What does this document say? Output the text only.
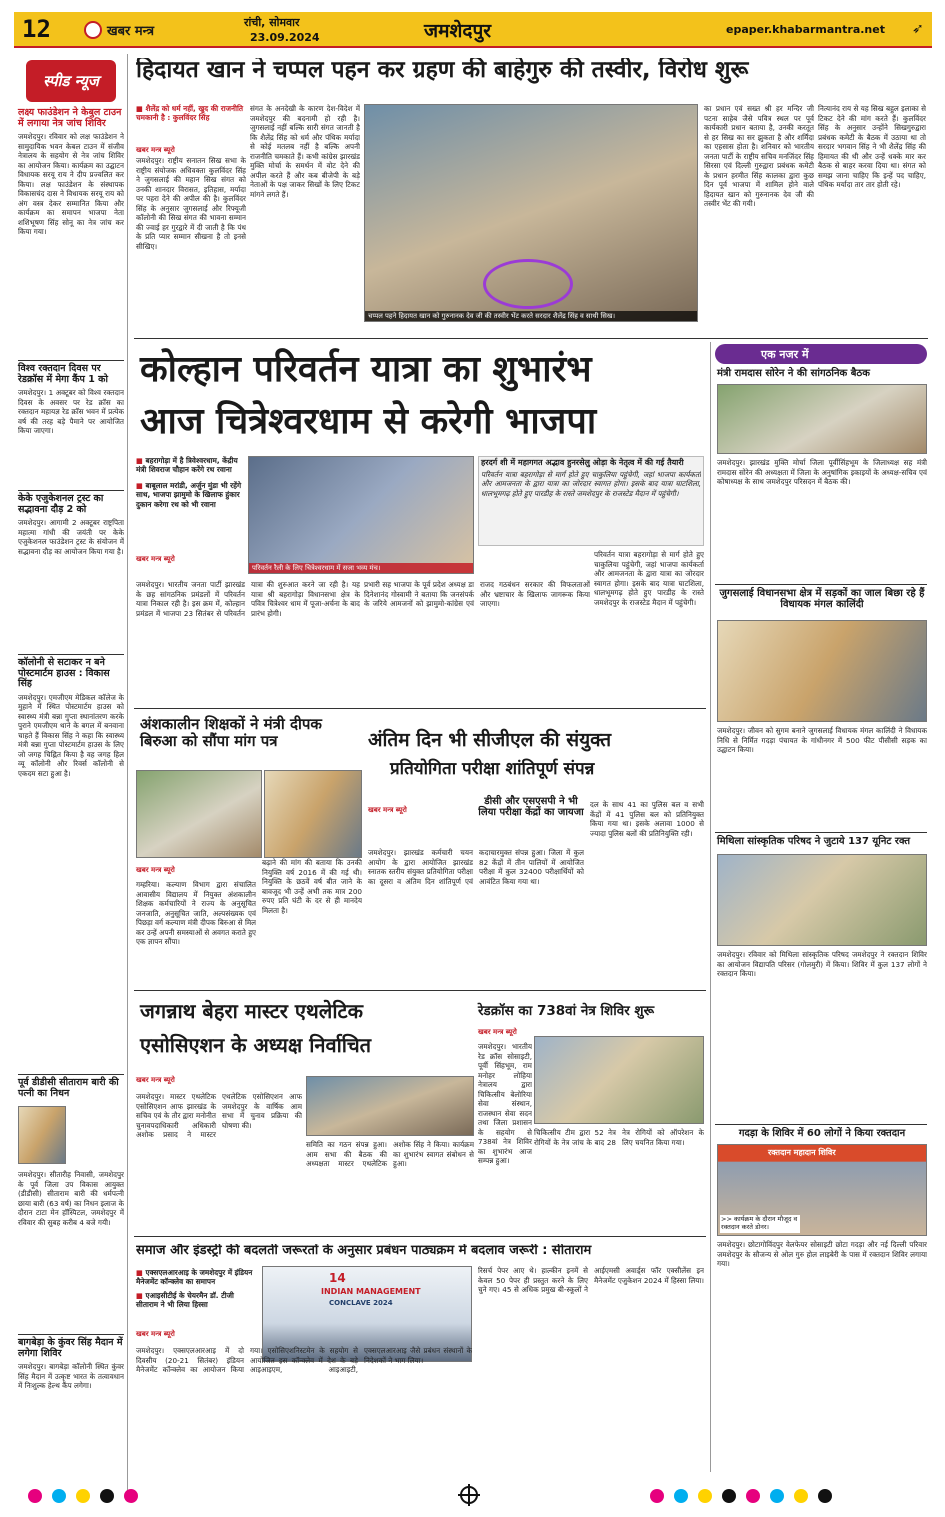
12	खबर मन्त्र
रांची, सोमवार
23.09.2024	जमशेदपुर	epaper.khabarmantra.net ➶
स्पीड न्यूज
लक्ष्य फाउंडेशन ने केबुल टाउन में लगाया नेत्र जांच शिविर
जमशेदपुर। रविवार को लक्ष फाउंडेशन ने सामुदायिक भवन केबल टाउन में संजीव नेत्रालय के सहयोग से नेत्र जांच शिविर का आयोजन किया। कार्यक्रम का उद्घाटन विधायक सरयू राय ने दीप प्रज्वलित कर किया। लक्ष फाउंडेशन के संस्थापक विकासचंद दास ने विधायक सरयू राय को अंग वस्त्र देकर सम्मानित किया और कार्यक्रम का समापन भाजपा नेता शशिभूषण सिंह सोनू का नेत्र जांच कर किया गया।
विश्व रक्तदान दिवस पर रेडक्रॉस में मेगा कैंप 1 को
जमशेदपुर। 1 अक्टूबर को विश्व रक्तदान दिवस के अवसर पर रेड क्रॉस का रक्तदान महायज्ञ रेड क्रॉस भवन में प्रत्येक वर्ष की तरह बड़े पैमाने पर आयोजित किया जाएगा।
केके एजुकेशनल ट्रस्ट का सद्भावना दौड़ 2 को
जमशेदपुर। आगामी 2 अक्टूबर राष्ट्रपिता महात्मा गांधी की जयंती पर केके एजुकेशनल फाउंडेशन ट्रस्ट के संयोजन में सद्भावना दौड़ का आयोजन किया गया है।
कॉलोनी से सटाकर न बने पोस्टमार्टम हाउस : विकास सिंह
जमशेदपुर। एमजीएम मेडिकल कॉलेज के मुहाने में स्थित पोस्टमार्टम हाउस को स्वास्थ्य मंत्री बन्ना गुप्ता स्थानांतरण करके पुराने एमजीएम थाने के बगल में बनवाना चाहते हैं विकास सिंह ने कहा कि स्वास्थ्य मंत्री बन्ना गुप्ता पोस्टमार्टम हाउस के लिए जो जगह चिह्नित किया है वह जगह हिल व्यू कॉलोनी और रिवर्स कॉलोनी से एकदम सटा हुआ है।
पूर्व डीडीसी सीताराम बारी की पत्नी का निधन
जमशेदपुर। सीतारीह निवासी, जमशेदपुर के पूर्व जिला उप विकास आयुक्त (डीडीसी) सीताराम बारी की धर्मपत्नी छाया बारी (63 वर्ष) का निधन इलाज के दौरान टाटा मेन हॉस्पिटल, जमशेदपुर में रविवार की सुबह करीब 4 बजे गयी।
बागबेड़ा के कुंवर सिंह मैदान में लगेगा शिविर
जमशेदपुर। बागबेड़ा कॉलोनी स्थित कुंवर सिंह मैदान में उत्कृष्ट भारत के तत्वावधान में निःशुल्क हेल्थ कैंप लगेगा।
हिदायत खान ने चप्पल पहन कर ग्रहण की बाहेगुरु की तस्वीर, विरोध शुरू
■ शैलेंद्र को धर्म नहीं, खुद की राजनीति चमकानी है : कुलविंदर सिंह
खबर मन्त्र ब्यूरो
जमशेदपुर। राष्ट्रीय सनातन सिख सभा के राष्ट्रीय संयोजक अधिवक्ता कुलविंदर सिंह ने जुगसलाई की महान सिख संगत को उनकी शानदार विरासत, इतिहास, मर्यादा पर पहरा देने की अपील की है। कुलविंदर सिंह के अनुसार जुगसलाई और रिफ्यूजी कॉलोनी की सिख संगत की भावना सम्मान की ज्वाई हर गुरद्वारे में दी जाती है कि पंथ के प्रति प्यार सम्मान सीखना है तो इनसे सीखिए।
संगत के अनदेखी के कारण देश-विदेश में जमशेदपुर की बदनामी हो रही है। जुगसलाई नहीं बल्कि सारी संगत जानती है कि शैलेंद्र सिंह को धर्म और पंथिक मर्यादा से कोई मतलब नहीं है बल्कि अपनी राजनीति चमकाते हैं। कभी कांग्रेस झारखंड मुक्ति मोर्चा के समर्थन में वोट देने की अपील करते हैं और कब बीजेपी के बड़े नेताओं के पक्ष जाकर सिखों के लिए टिकट मांगने लगते हैं।
चप्पल पहने हिदायत खान को गुरुनानक देव जी की तस्वीर भेंट करते सरदार शैलेंद्र सिंह व साथी सिख।
का प्रधान एवं सख्त श्री हर मन्दिर जी पटना साहेब जैसे पवित्र स्थल पर पूर्व कार्यकारी प्रधान बताया है, उनकी करतूत से हर सिख का सर झुकता है और शर्मिंदा का एहसास होता है। शनिवार को भारतीय जनता पार्टी के राष्ट्रीय सचिव मनजिंदर सिंह सिरसा एवं दिल्ली गुरुद्वारा प्रबंधक कमेटी के प्रधान हरमीत सिंह कालका द्वारा कुछ दिन पूर्व भाजपा में शामिल होने वाले हिदायत खान को गुरुनानक देव जी की तस्वीर भेंट की गयी।
नित्यानंद राय से यह सिख बहुल इलाका से टिकट देने की मांग करते हैं। कुलविंदर सिंह के अनुसार उन्होंने सिखगुरुद्वारा प्रबंधक कमेटी के बैठक में उठाया था तो सरदार भगवान सिंह ने भी शैलेंद्र सिंह की हिमायत की थी और उन्हें धक्के मार कर बैठक से बाहर करवा दिया था। संगत को समझ जाना चाहिए कि इन्हें पद चाहिए, पंथिक मर्यादा तार तार होती रहे।
कोल्हान परिवर्तन यात्रा का शुभारंभ
आज चित्रेश्वरधाम से करेगी भाजपा
■ बहरागोड़ा में है त्रिवेश्वरधाम, केंद्रीय मंत्री शिवराज चौहान करेंगे रथ रवाना
■ बाबूलाल मरांडी, अर्जुन मुंडा भी रहेंगे साथ, भाजपा झामुमो के खिलाफ हुंकार दुकान करेगा रथ को भी रवाना
परिवर्तन रैली के लिए चित्रेश्वरधाम में सजा भव्य मंच।
हरदर्ग शी में महागगत अद्भाव हुनरसेलु ओड़ा के नेतृत्व में की गई तैयारी
परिवर्तन यात्रा बहरागोड़ा से मार्ग होते हुए चाकुलिया पहुंचेगी, जहां भाजपा कार्यकर्ता और आमजनता के द्वारा यात्रा का जोरदार स्वागत होगा। इसके बाद यात्रा घाटशिला, धालभूमगढ़ होते हुए पारडीह के रास्ते जमशेदपुर के राजस्टेड मैदान में पहुंचेगी।
खबर मन्त्र ब्यूरो
जमशेदपुर। भारतीय जनता पार्टी झारखंड के छह सांगठनिक प्रमंडलों में परिवर्तन यात्रा निकाल रही है। इस क्रम में, कोल्हान प्रमंडल में भाजपा 23 सितंबर से परिवर्तन यात्रा की शुरुआत करने जा रही है। यह यात्रा श्री बहरागोड़ा विधानसभा क्षेत्र के पवित्र चित्रेश्वर धाम में पूजा-अर्चना के बाद प्रारंभ होगी।
प्रभारी सह भाजपा के पूर्व प्रदेश अध्यक्ष डा दिनेशानंद गोस्वामी ने बताया कि जनसंपर्क के जरिये आमजनों को झामुमो-कांग्रेस एवं राजद गठबंधन सरकार की विफलताओं और भ्रष्टाचार के खिलाफ जागरूक किया जाएगा।
परिवर्तन यात्रा बहरागोड़ा से मार्ग होते हुए चाकुलिया पहुंचेगी, जहां भाजपा कार्यकर्ता और आमजनता के द्वारा यात्रा का जोरदार स्वागत होगा। इसके बाद यात्रा घाटशिला, धालभूमगढ़ होते हुए पारडीह के रास्ते जमशेदपुर के राजस्टेड मैदान में पहुंचेगी।
अंशकालीन शिक्षकों ने मंत्री दीपक बिरुआ को सौंपा मांग पत्र
खबर मन्त्र ब्यूरो
गम्हरिया। कल्याण विभाग द्वारा संचालित आवासीय विद्यालय में नियुक्त अंशकालीन शिक्षक कर्मचारियों ने राज्य के अनुसूचित जनजाति, अनुसूचित जाति, अल्पसंख्यक एवं पिछड़ा वर्ग कल्याण मंत्री दीपक बिरुआ से मिल कर उन्हें अपनी समस्याओं से अवगत कराते हुए एक ज्ञापन सौंपा।
बढ़ाने की मांग की बताया कि उनकी नियुक्ति वर्ष 2016 में की गई थी। नियुक्ति के छठवें वर्ष बीत जाने के बावजूद भी उन्हें अभी तक मात्र 200 रुपए प्रति घंटी के दर से ही मानदेय मिलता है।
अंतिम दिन भी सीजीएल की संयुक्त
प्रतियोगिता परीक्षा शांतिपूर्ण संपन्न
खबर मन्त्र ब्यूरो
डीसी और एसएसपी ने भी लिया परीक्षा केंद्रों का जायजा
जमशेदपुर। झारखंड कर्मचारी चयन आयोग के द्वारा आयोजित झारखंड स्नातक स्तरीय संयुक्त प्रतियोगिता परीक्षा का दूसरा व अंतिम दिन शांतिपूर्ण एवं कदाचारमुक्त संपन्न हुआ। जिला में कुल 82 केंद्रों में तीन पालियों में आयोजित परीक्षा में कुल 32400 परीक्षार्थियों को आवंटित किया गया था।
दल के साथ 41 का पुलिस बल व सभी केंद्रों में 41 पुलिस बल को प्रतिनियुक्त किया गया था। इसके अलावा 1000 से ज्यादा पुलिस बलों की प्रतिनियुक्ति रही।
जगन्नाथ बेहरा मास्टर एथलेटिक
एसोसिएशन के अध्यक्ष निर्वाचित
खबर मन्त्र ब्यूरो
जमशेदपुर। मास्टर एथलेटिक एसोसिएशन आफ झारखंड के सचिव एवं के तौर द्वारा मनोनीत चुनावपदाधिकारी अधिकारी अशोक प्रसाद ने मास्टर एथलेटिक एसोसिएशन आफ जमशेदपुर के वार्षिक आम सभा में चुनाव प्रक्रिया की घोषणा की।
समिति का गठन संपन्न हुआ। आम सभा की बैठक की अध्यक्षता मास्टर एथलेटिक अशोक सिंह ने किया। कार्यक्रम का शुभारंभ स्वागत संबोधन से हुआ।
रेडक्रॉस का 738वां नेत्र शिविर शुरू
खबर मन्त्र ब्यूरो
जमशेदपुर। भारतीय रेड क्रॉस सोसाइटी, पूर्वी सिंहभूम, राम मनोहर लोहिया नेत्रालय द्वारा चिकित्सीय बेलोरिया सेवा संस्थान, राजस्थान सेवा सदन तथा जिला प्रशासन के सहयोग से 738वां नेत्र शिविर का शुभारंभ आज सम्पन्न हुआ।
चिकित्सीय टीम द्वारा 52 नेत्र रोगियों के नेत्र जांच के बाद 28 नेत्र रोगियों को ऑपरेशन के लिए चयनित किया गया।
समाज और इंडस्ट्री की बदलती जरूरतों के अनुसार प्रबंधन पाठ्यक्रम में बदलाव जरूरी : सीताराम
■ एक्सएलआरआइ के जमशेदपुर में इंडियन मैनेजमेंट कॉन्क्लेव का समापन
■ एआइसीटीई के चेयरमैन डॉ. टीजी सीताराम ने भी लिया हिस्सा
14
INDIAN MANAGEMENT
CONCLAVE 2024
खबर मन्त्र ब्यूरो
जमशेदपुर। एक्सएलआरआइ में दो दिवसीय (20-21 सितंबर) इंडियन मैनेजमेंट कॉन्क्लेव का आयोजन किया गया। एसोसिएशनिस्टमेन के सहयोग से आयोजित इस कॉन्क्लेव में देश के बड़े आइआइएम, आइआइटी, एक्सएलआरआइ जैसे प्रबंधन संस्थानों के निदेशकों ने भाग लिया।
रिसर्च पेपर आए थे। हाल्कीन इनमें से केवल 50 पेपर ही प्रस्तुत करने के लिए चुने गए। 45 से अधिक प्रमुख बी-स्कूलों ने आईएमसी अवार्ड्स फॉर एक्सीलेंस इन मैनेजमेंट एजुकेशन 2024 में हिस्सा लिया।
एक नजर में
मंत्री रामदास सोरेन ने की सांगठनिक बैठक
जमशेदपुर। झारखंड मुक्ति मोर्चा जिला पूर्वीसिंहभूम के जिलाध्यक्ष सह मंत्री रामदास सोरेन की अध्यक्षता में जिला के अनुषांगिक इकाइयों के अध्यक्ष-सचिव एवं कोषाध्यक्ष के साथ जमशेदपुर परिसदन में बैठक की।
जुगसलाई विधानसभा क्षेत्र में सड़कों का जाल बिछा रहे हैं विधायक मंगल कालिंदी
जमशेदपुर। जीवन को सुगम बनाने जुगसलाई विधायक मंगल कालिंदी ने विधायक निधि से निर्मित गदड़ा पंचायत के गांधीनगर में 500 फीट पीसीसी सड़क का उद्घाटन किया।
मिथिला सांस्कृतिक परिषद ने जुटाये 137 यूनिट रक्त
जमशेदपुर। रविवार को मिथिला सांस्कृतिक परिषद जमशेदपुर ने रक्तदान शिविर का आयोजन विद्यापति परिसर (गोलमुरी) में किया। शिविर में कुल 137 लोगों ने रक्तदान किया।
गदड़ा के शिविर में 60 लोगों ने किया रक्तदान
रक्तदान महादान शिविर
>> कार्यक्रम के दौरान मौजूद व रक्तदान करते डोनर।
जमशेदपुर। छोटागोविंदपुर वेलफेयर सोसाइटी छोटा गदड़ा और नई दिल्ली परिवार जमशेदपुर के सौजन्य से ओल गुरु होल लाइबेरी के पास में रक्तदान शिविर लगाया गया।
